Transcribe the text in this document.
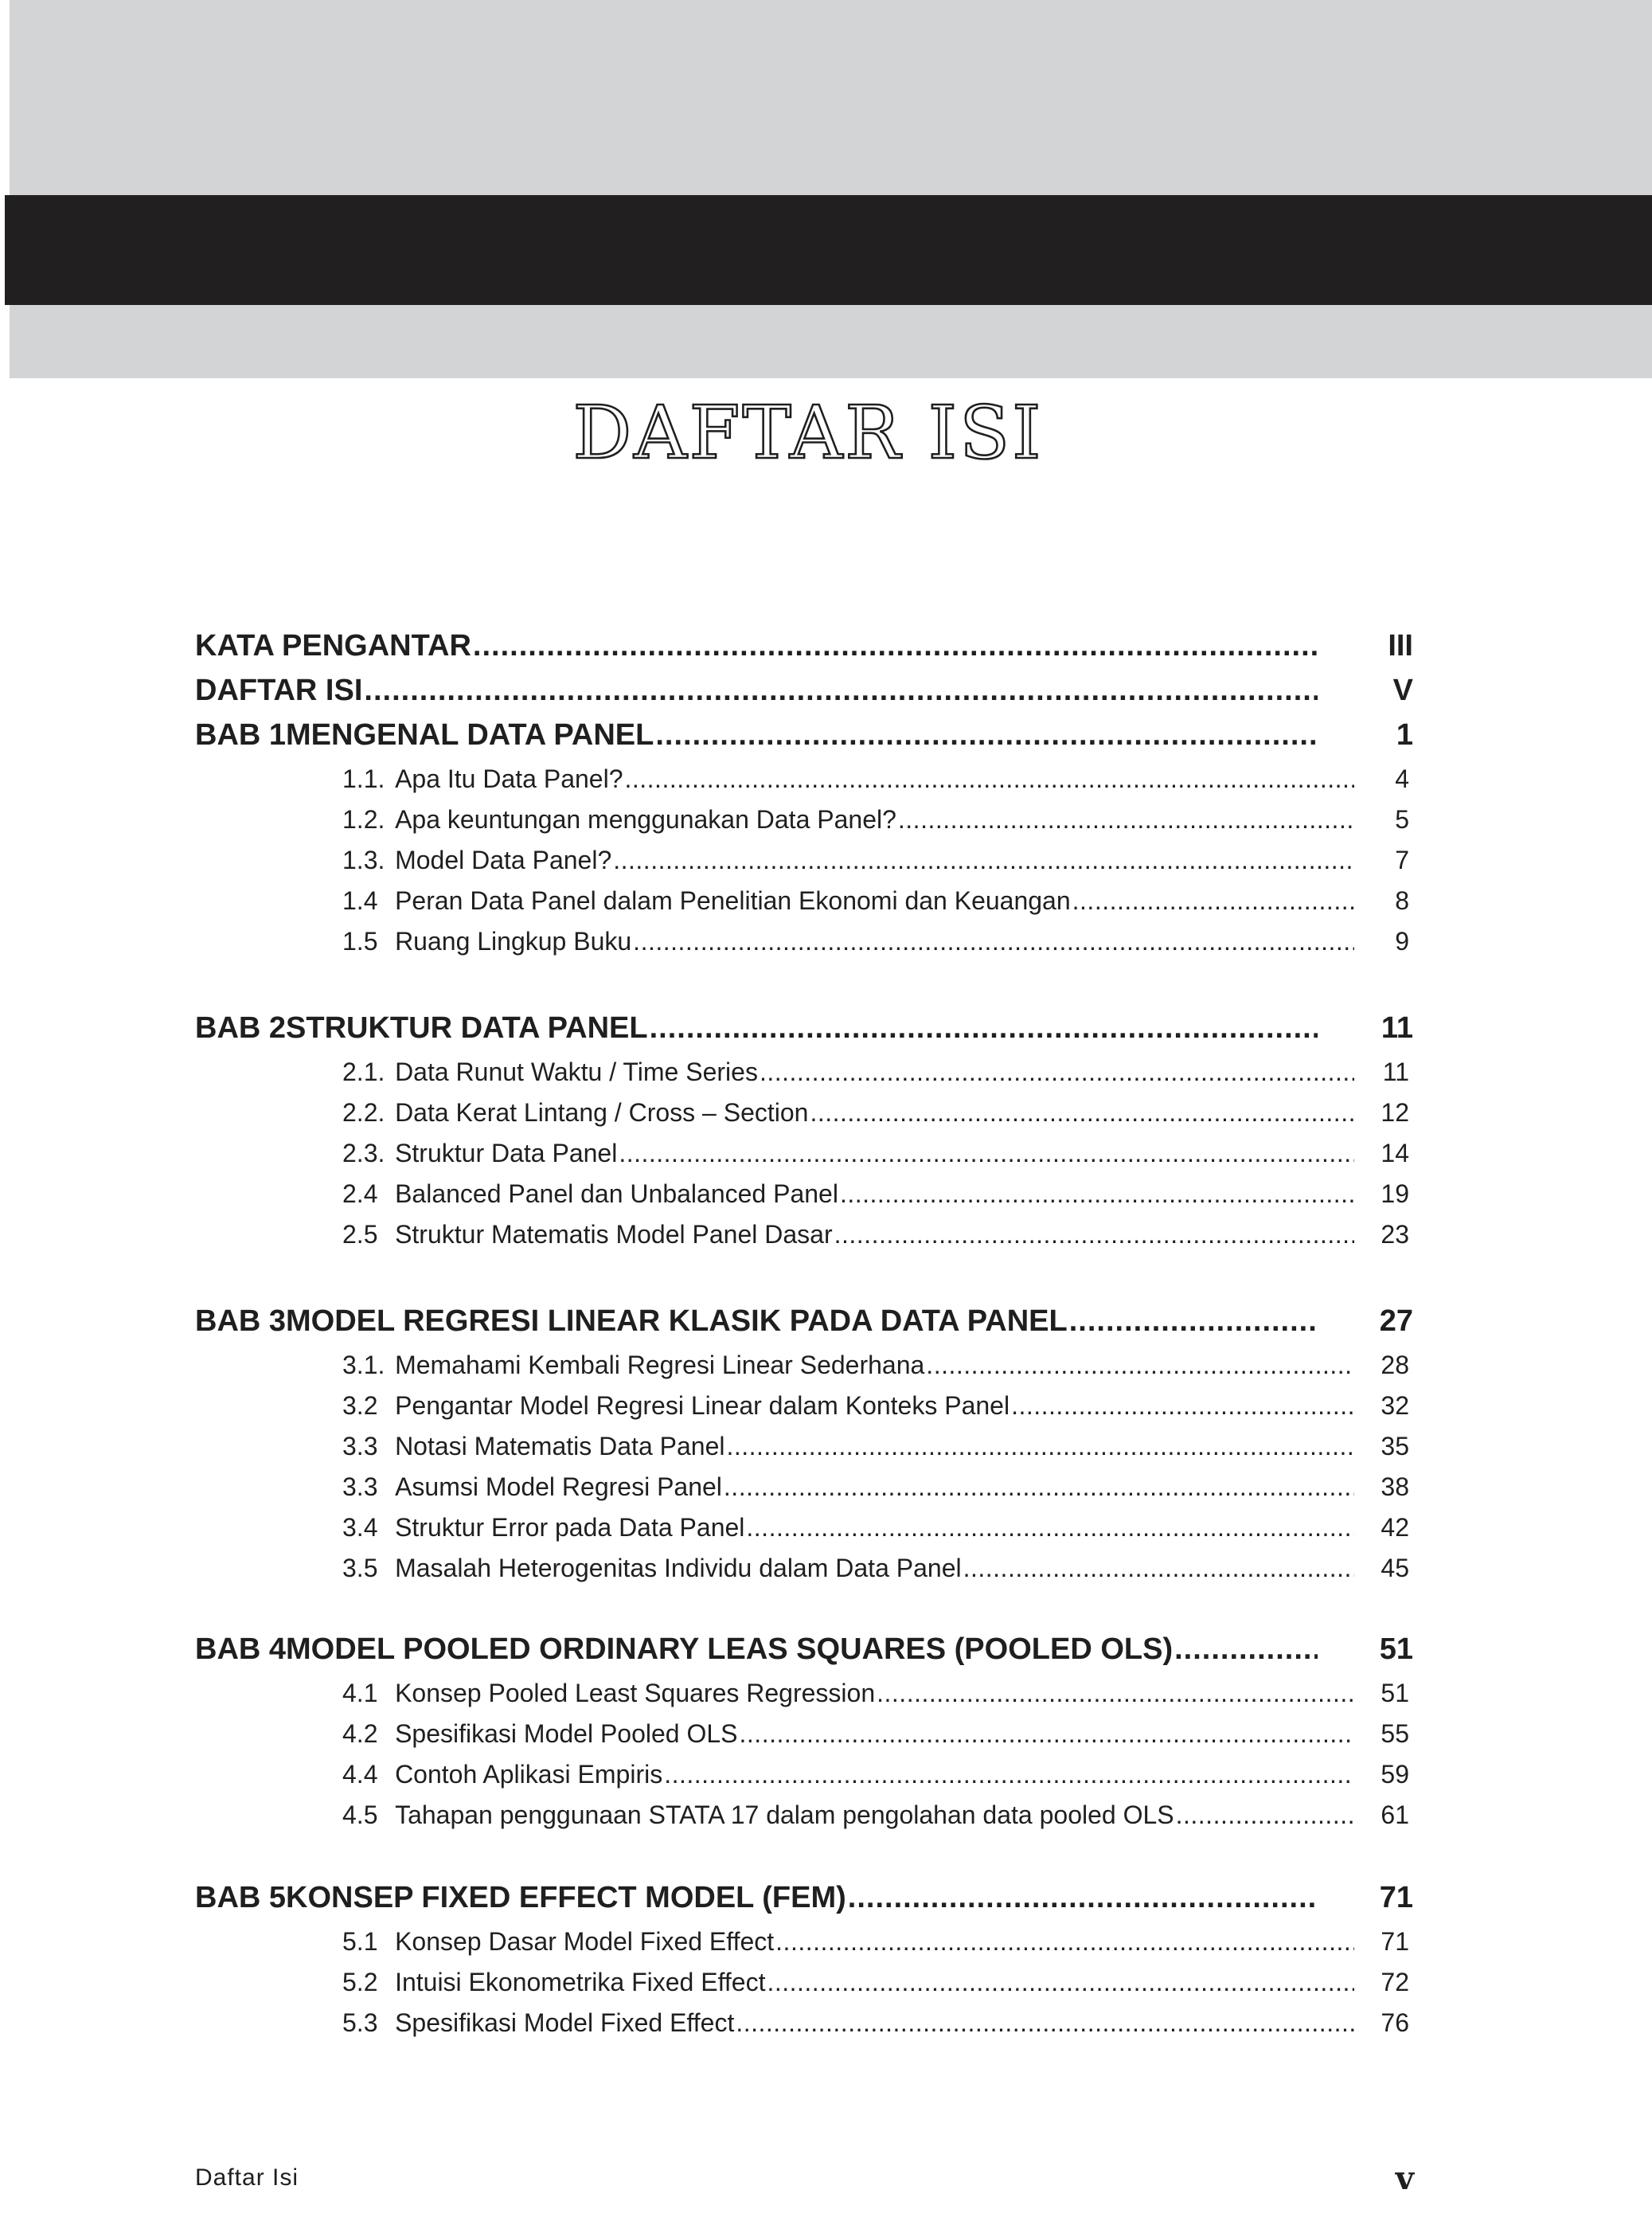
DAFTAR ISI
KATA PENGANTAR .....	III
DAFTAR ISI .....	V
BAB 1 MENGENAL DATA PANEL .....	1
1.1. Apa Itu Data Panel? .....	4
1.2. Apa keuntungan menggunakan Data Panel? .....	5
1.3. Model Data Panel? .....	7
1.4 Peran Data Panel dalam Penelitian Ekonomi dan Keuangan .....	8
1.5 Ruang Lingkup Buku .....	9
BAB 2 STRUKTUR DATA PANEL .....	11
2.1. Data Runut Waktu / Time Series .....	11
2.2. Data Kerat Lintang / Cross – Section .....	12
2.3. Struktur Data Panel .....	14
2.4 Balanced Panel dan Unbalanced Panel .....	19
2.5 Struktur Matematis Model Panel Dasar .....	23
BAB 3 MODEL REGRESI LINEAR KLASIK PADA DATA PANEL .....	27
3.1. Memahami Kembali Regresi Linear Sederhana .....	28
3.2 Pengantar Model Regresi Linear dalam Konteks Panel .....	32
3.3 Notasi Matematis Data Panel .....	35
3.3 Asumsi Model Regresi Panel .....	38
3.4 Struktur Error pada Data Panel .....	42
3.5 Masalah Heterogenitas Individu dalam Data Panel .....	45
BAB 4 MODEL POOLED ORDINARY LEAS SQUARES (POOLED OLS) .....	51
4.1 Konsep Pooled Least Squares Regression .....	51
4.2 Spesifikasi Model Pooled OLS .....	55
4.4 Contoh Aplikasi Empiris .....	59
4.5 Tahapan penggunaan STATA 17 dalam pengolahan data pooled OLS .....	61
BAB 5 KONSEP FIXED EFFECT MODEL (FEM) .....	71
5.1 Konsep Dasar Model Fixed Effect .....	71
5.2 Intuisi Ekonometrika Fixed Effect .....	72
5.3 Spesifikasi Model Fixed Effect .....	76
Daftar Isi	v
